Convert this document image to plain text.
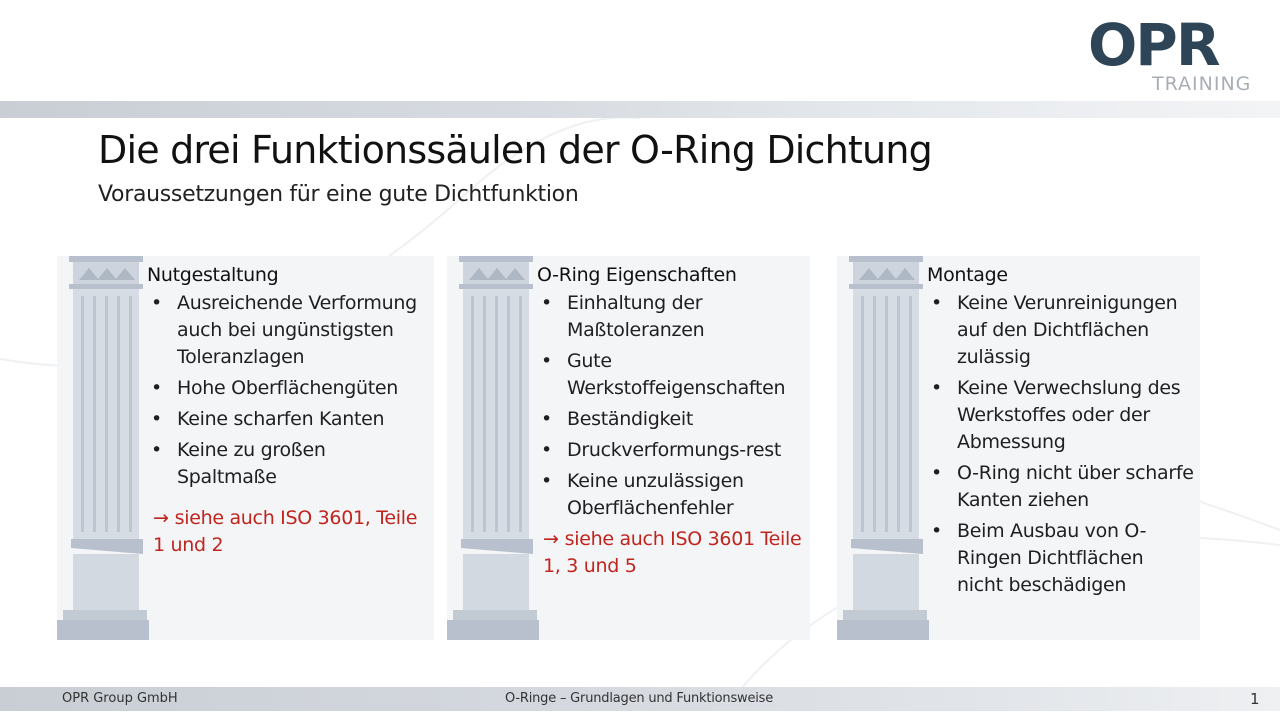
OPR
TRAINING
Die drei Funktionssäulen der O-Ring Dichtung
Voraussetzungen für eine gute Dichtfunktion
Nutgestaltung
• Ausreichende Verformung auch bei ungünstigsten Toleranzlagen
• Hohe Oberflächengüten
• Keine scharfen Kanten
• Keine zu großen Spaltmaße
→ siehe auch ISO 3601, Teile 1 und 2
O-Ring Eigenschaften
• Einhaltung der Maßtoleranzen
• Gute Werkstoffeigenschaften
• Beständigkeit
• Druckverformungs-rest
• Keine unzulässigen Oberflächenfehler
→ siehe auch ISO 3601 Teile 1, 3 und 5
Montage
• Keine Verunreinigungen auf den Dichtflächen zulässig
• Keine Verwechslung des Werkstoffes oder der Abmessung
• O-Ring nicht über scharfe Kanten ziehen
• Beim Ausbau von O-Ringen Dichtflächen nicht beschädigen
OPR Group GmbH	O-Ringe – Grundlagen und Funktionsweise	1
